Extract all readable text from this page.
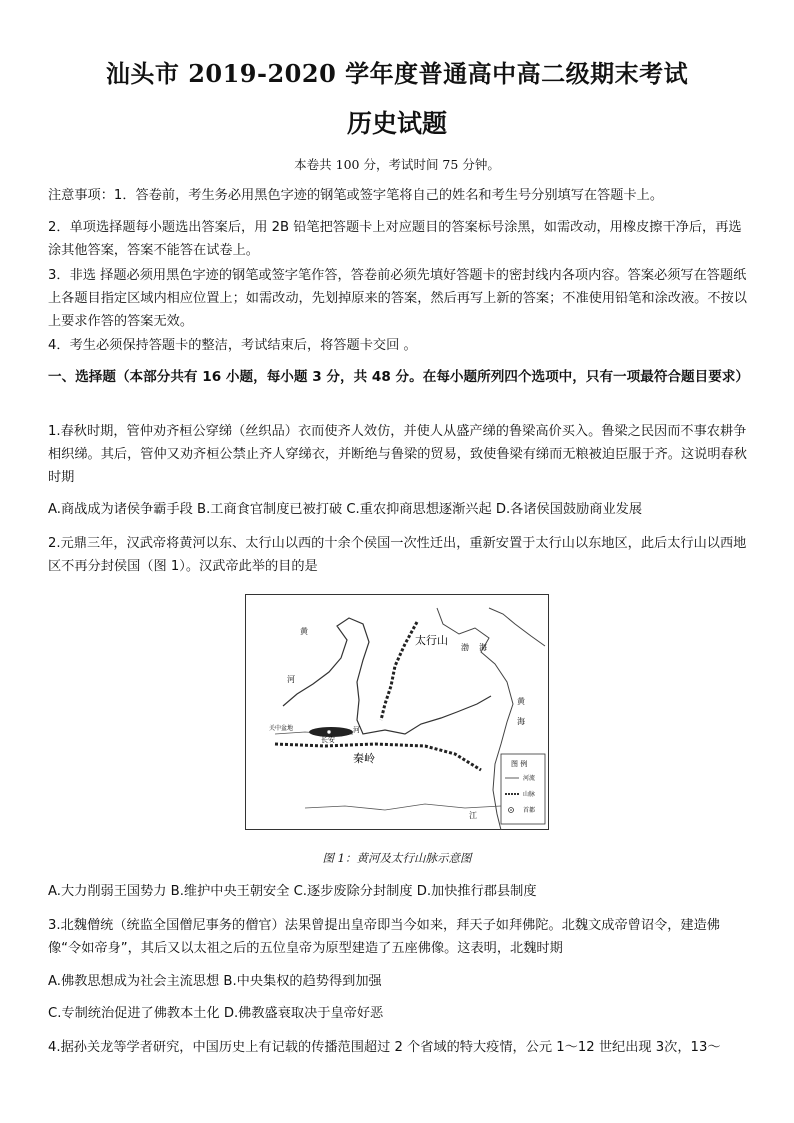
汕头市 2019-2020 学年度普通高中高二级期末考试
历史试题
本卷共 100 分，考试时间 75 分钟。
注意事项：1．答卷前，考生务必用黑色字迹的钢笔或签字笔将自己的姓名和考生号分别填写在答题卡上。
2．单项选择题每小题选出答案后，用 2B 铅笔把答题卡上对应题目的答案标号涂黑，如需改动，用橡皮擦干净后，再选涂其他答案，答案不能答在试卷上。
3．非选 择题必须用黑色字迹的钢笔或签字笔作答，答卷前必须先填好答题卡的密封线内各项内容。答案必须写在答题纸上各题目指定区域内相应位置上；如需改动，先划掉原来的答案，然后再写上新的答案；不准使用铅笔和涂改液。不按以上要求作答的答案无效。
4．考生必须保持答题卡的整洁，考试结束后，将答题卡交回 。
一、选择题（本部分共有 16 小题，每小题 3 分，共 48 分。在每小题所列四个选项中，只有一项最符合题目要求）
1.春秋时期，管仲劝齐桓公穿绨（丝织品）衣而使齐人效仿，并使人从盛产绨的鲁梁高价买入。鲁梁之民因而不事农耕争相织绨。其后，管仲又劝齐桓公禁止齐人穿绨衣，并断绝与鲁梁的贸易，致使鲁梁有绨而无粮被迫臣服于齐。这说明春秋时期
A.商战成为诸侯争霸手段 B.工商食官制度已被打破 C.重农抑商思想逐渐兴起 D.各诸侯国鼓励商业发展
2.元鼎三年，汉武帝将黄河以东、太行山以西的十余个侯国一次性迁出，重新安置于太行山以东地区，此后太行山以西地区不再分封侯国（图 1）。汉武帝此举的目的是
黄
河
太行山
关中盆地	河
长安
秦岭
渤 海
黄
海
江
图 例
河流
山脉
首都
图 1：黄河及太行山脉示意图
A.大力削弱王国势力 B.维护中央王朝安全 C.逐步废除分封制度 D.加快推行郡县制度
3.北魏僧统（统监全国僧尼事务的僧官）法果曾提出皇帝即当今如来，拜天子如拜佛陀。北魏文成帝曾诏令，建造佛像“令如帝身”，其后又以太祖之后的五位皇帝为原型建造了五座佛像。这表明，北魏时期
A.佛教思想成为社会主流思想 B.中央集权的趋势得到加强
C.专制统治促进了佛教本土化 D.佛教盛衰取决于皇帝好恶
4.据孙关龙等学者研究，中国历史上有记载的传播范围超过 2 个省域的特大疫情，公元 1～12 世纪出现 3次，13～
